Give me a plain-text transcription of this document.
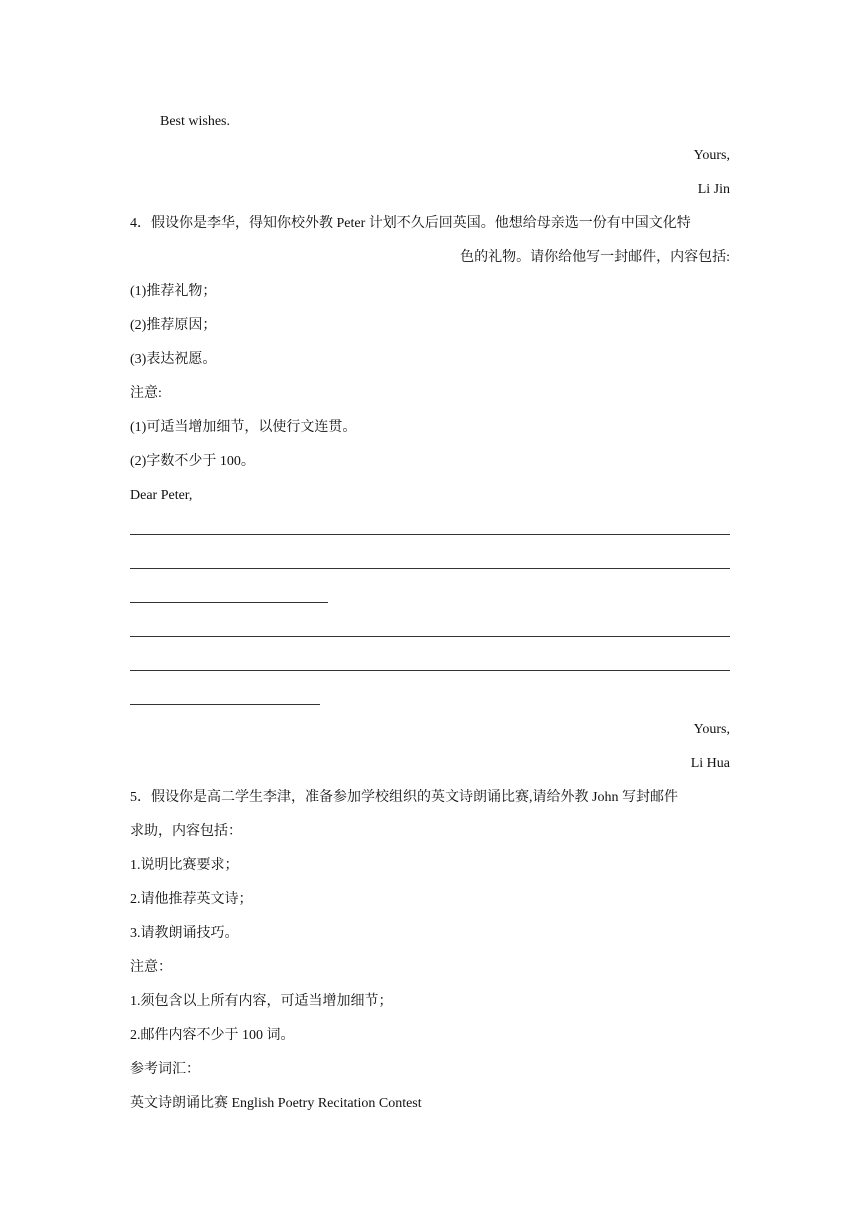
Best wishes.
Yours,
Li Jin
4．假设你是李华，得知你校外教 Peter 计划不久后回英国。他想给母亲选一份有中国文化特
色的礼物。请你给他写一封邮件，内容包括:
(1)推荐礼物；
(2)推荐原因；
(3)表达祝愿。
注意:
(1)可适当增加细节，以使行文连贯。
(2)字数不少于 100。
Dear Peter,
Yours,
Li Hua
5．假设你是高二学生李津，准备参加学校组织的英文诗朗诵比赛,请给外教 John 写封邮件
求助，内容包括：
1.说明比赛要求；
2.请他推荐英文诗；
3.请教朗诵技巧。
注意：
1.须包含以上所有内容，可适当增加细节；
2.邮件内容不少于 100 词。
参考词汇：
英文诗朗诵比赛 English Poetry Recitation Contest
